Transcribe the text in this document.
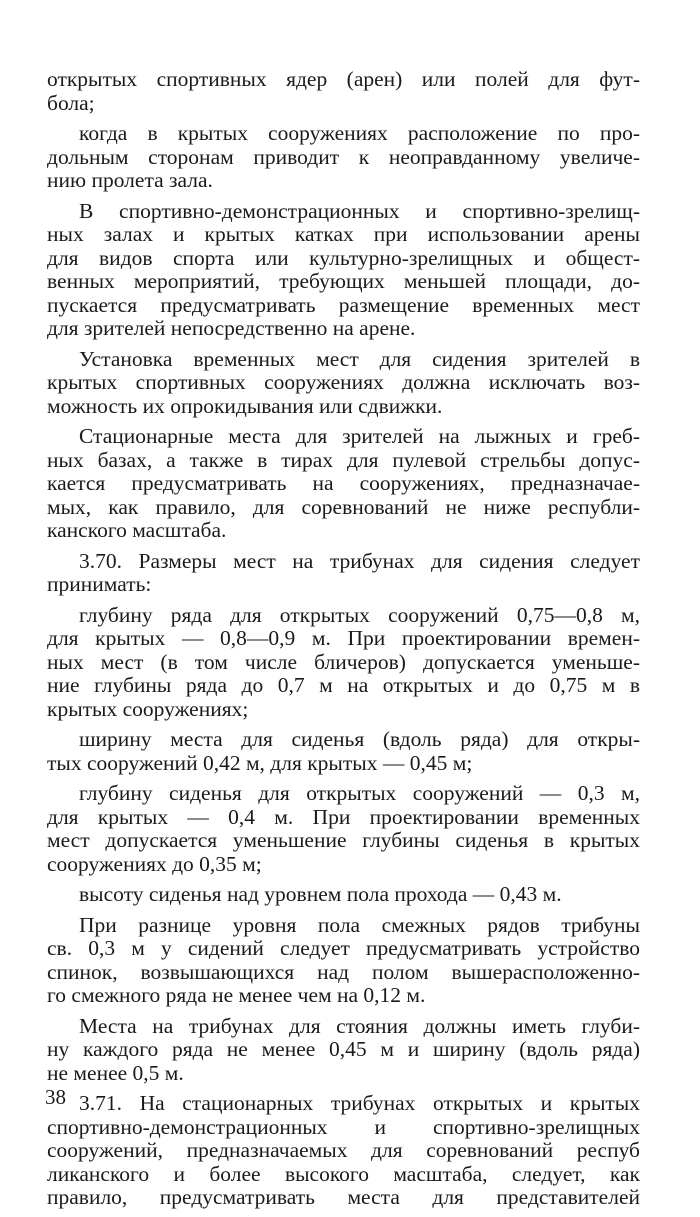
открытых спортивных ядер (арен) или полей для фут-
бола;
когда в крытых сооружениях расположение по про-
дольным сторонам приводит к неоправданному увеличе-
нию пролета зала.
В спортивно-демонстрационных и спортивно-зрелищ-
ных залах и крытых катках при использовании арены
для видов спорта или культурно-зрелищных и общест-
венных мероприятий, требующих меньшей площади, до-
пускается предусматривать размещение временных мест
для зрителей непосредственно на арене.
Установка временных мест для сидения зрителей в
крытых спортивных сооружениях должна исключать воз-
можность их опрокидывания или сдвижки.
Стационарные места для зрителей на лыжных и греб-
ных базах, а также в тирах для пулевой стрельбы допус-
кается предусматривать на сооружениях, предназначае-
мых, как правило, для соревнований не ниже республи-
канского масштаба.
3.70. Размеры мест на трибунах для сидения следует
принимать:
глубину ряда для открытых сооружений 0,75—0,8 м,
для крытых — 0,8—0,9 м. При проектировании времен-
ных мест (в том числе бличеров) допускается уменьше-
ние глубины ряда до 0,7 м на открытых и до 0,75 м в
крытых сооружениях;
ширину места для сиденья (вдоль ряда) для откры-
тых сооружений 0,42 м, для крытых — 0,45 м;
глубину сиденья для открытых сооружений — 0,3 м,
для крытых — 0,4 м. При проектировании временных
мест допускается уменьшение глубины сиденья в крытых
сооружениях до 0,35 м;
высоту сиденья над уровнем пола прохода — 0,43 м.
При разнице уровня пола смежных рядов трибуны
св. 0,3 м у сидений следует предусматривать устройство
спинок, возвышающихся над полом вышерасположенно-
го смежного ряда не менее чем на 0,12 м.
Места на трибунах для стояния должны иметь глуби-
ну каждого ряда не менее 0,45 м и ширину (вдоль ряда)
не менее 0,5 м.
3.71. На стационарных трибунах открытых и крытых
спортивно-демонстрационных и спортивно-зрелищных
сооружений, предназначаемых для соревнований респуб
ликанского и более высокого масштаба, следует, как
правило, предусматривать места для представителей
38
